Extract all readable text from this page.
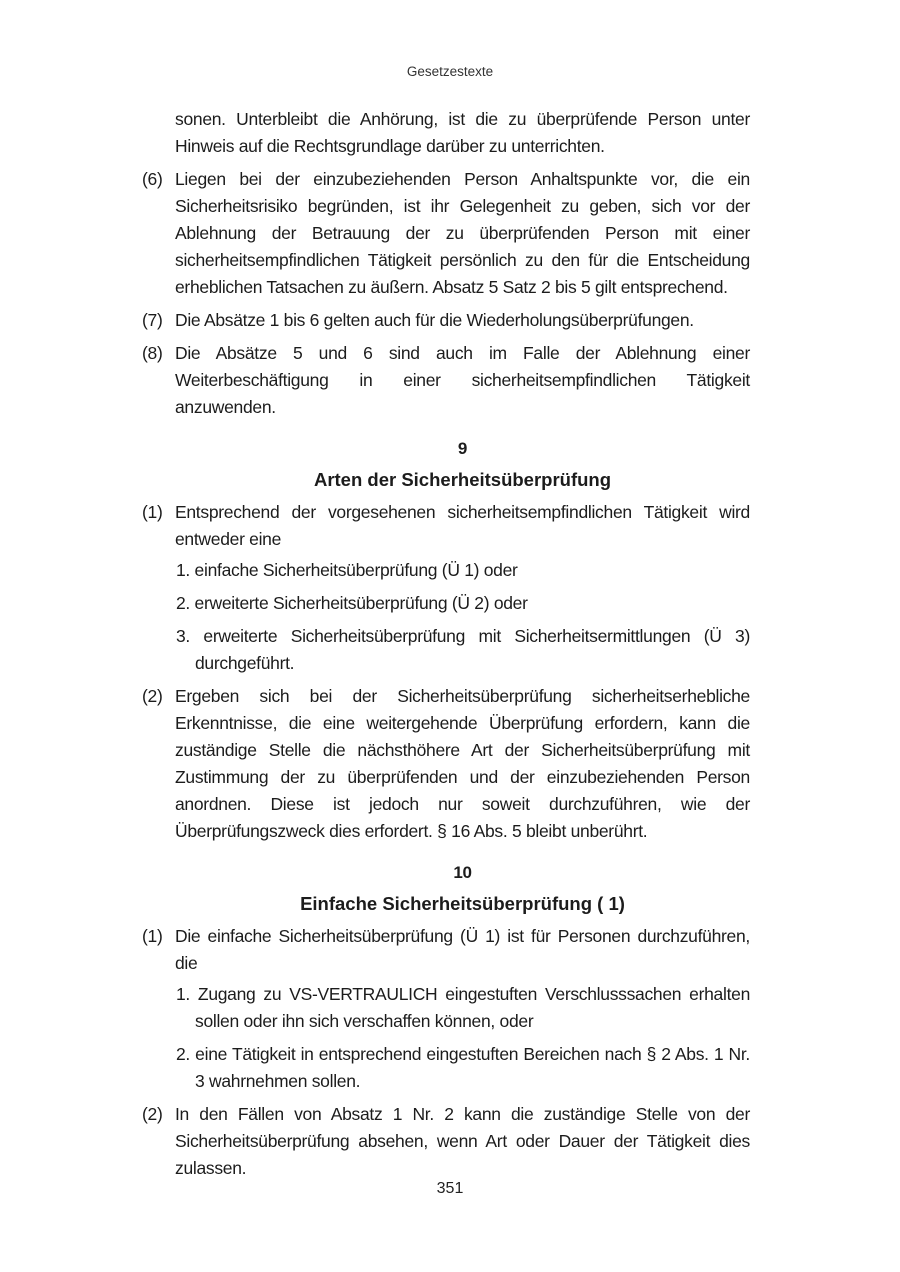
Gesetzestexte

sonen. Unterbleibt die Anhörung, ist die zu überprüfende Person unter Hinweis auf die Rechtsgrundlage darüber zu unterrichten.

(6) Liegen bei der einzubeziehenden Person Anhaltspunkte vor, die ein Sicherheitsrisiko begründen, ist ihr Gelegenheit zu geben, sich vor der Ablehnung der Betrauung der zu überprüfenden Person mit einer sicherheitsempfindlichen Tätigkeit persönlich zu den für die Entscheidung erheblichen Tatsachen zu äußern. Absatz 5 Satz 2 bis 5 gilt entsprechend.
(7) Die Absätze 1 bis 6 gelten auch für die Wiederholungsüberprüfungen.
(8) Die Absätze 5 und 6 sind auch im Falle der Ablehnung einer Weiterbeschäftigung in einer sicherheitsempfindlichen Tätigkeit anzuwenden.
9
Arten der Sicherheitsüberprüfung
(1) Entsprechend der vorgesehenen sicherheitsempfindlichen Tätigkeit wird entweder eine
1. einfache Sicherheitsüberprüfung (Ü 1) oder
2. erweiterte Sicherheitsüberprüfung (Ü 2) oder
3. erweiterte Sicherheitsüberprüfung mit Sicherheitsermittlungen (Ü 3) durchgeführt.
(2) Ergeben sich bei der Sicherheitsüberprüfung sicherheitserhebliche Erkenntnisse, die eine weitergehende Überprüfung erfordern, kann die zuständige Stelle die nächsthöhere Art der Sicherheitsüberprüfung mit Zustimmung der zu überprüfenden und der einzubeziehenden Person anordnen. Diese ist jedoch nur soweit durchzuführen, wie der Überprüfungszweck dies erfordert. § 16 Abs. 5 bleibt unberührt.
10
Einfache Sicherheitsüberprüfung ( 1)
(1) Die einfache Sicherheitsüberprüfung (Ü 1) ist für Personen durchzuführen, die
1. Zugang zu VS-VERTRAULICH eingestuften Verschlusssachen erhalten sollen oder ihn sich verschaffen können, oder
2. eine Tätigkeit in entsprechend eingestuften Bereichen nach § 2 Abs. 1 Nr. 3 wahrnehmen sollen.
(2) In den Fällen von Absatz 1 Nr. 2 kann die zuständige Stelle von der Sicherheitsüberprüfung absehen, wenn Art oder Dauer der Tätigkeit dies zulassen.
351
